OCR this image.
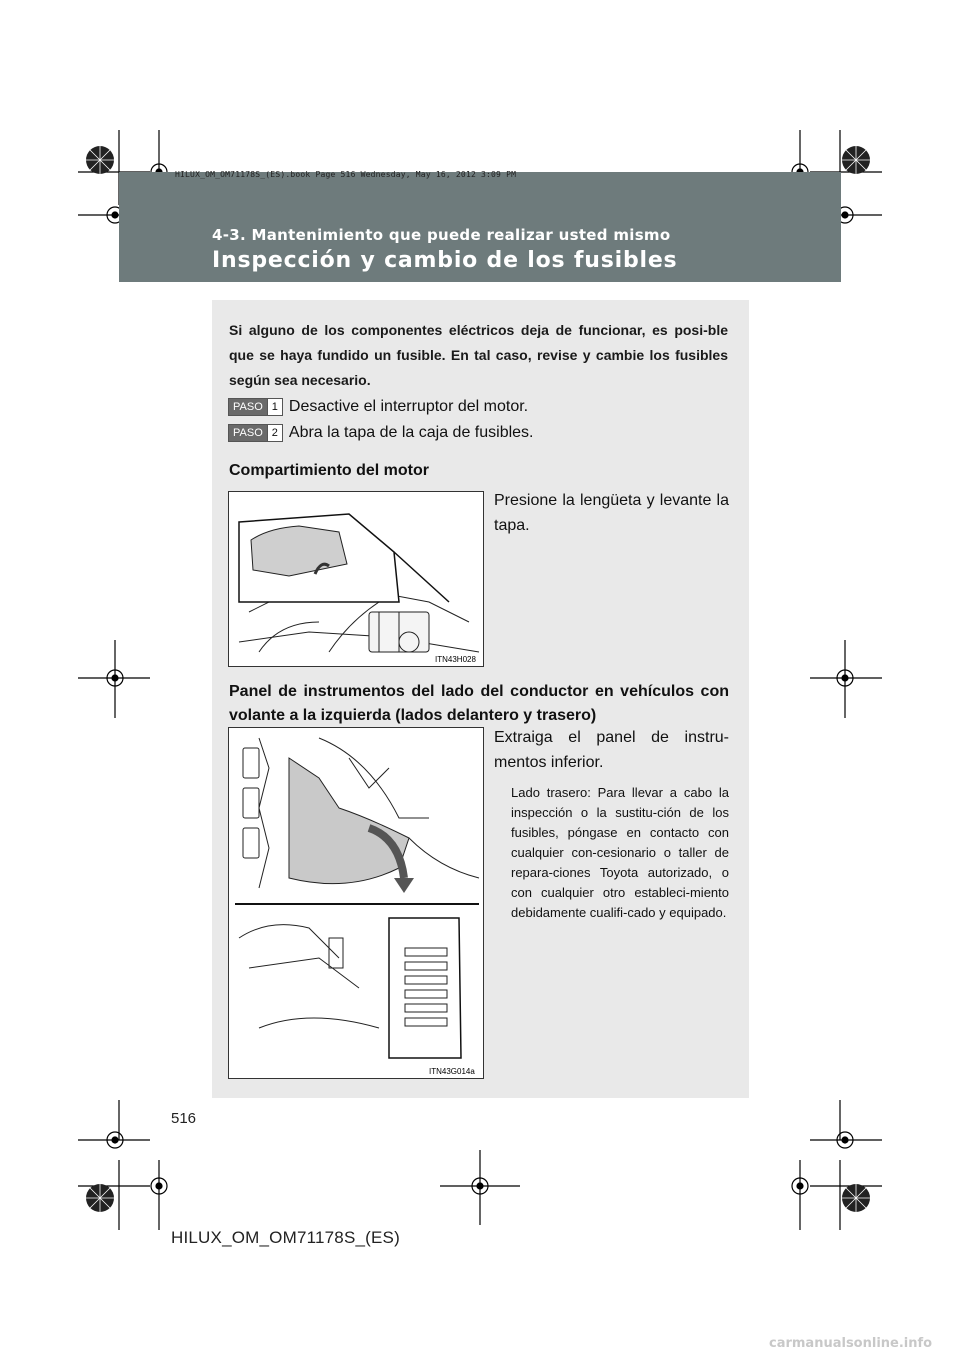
HILUX_OM_OM71178S_(ES).book Page 516 Wednesday, May 16, 2012 3:09 PM
4-3. Mantenimiento que puede realizar usted mismo
Inspección y cambio de los fusibles
Si alguno de los componentes eléctricos deja de funcionar, es posi-ble que se haya fundido un fusible. En tal caso, revise y cambie los fusibles según sea necesario.
PASO 1 Desactive el interruptor del motor.
PASO 2 Abra la tapa de la caja de fusibles.
Compartimiento del motor
ITN43H028
Presione la lengüeta y levante la tapa.
Panel de instrumentos del lado del conductor en vehículos con volante a la izquierda (lados delantero y trasero)
ITN43G014a
Extraiga el panel de instru-mentos inferior.
Lado trasero: Para llevar a cabo la inspección o la sustitu-ción de los fusibles, póngase en contacto con cualquier con-cesionario o taller de repara-ciones Toyota autorizado, o con cualquier otro estableci-miento debidamente cualifi-cado y equipado.
516
HILUX_OM_OM71178S_(ES)
carmanualsonline.info
